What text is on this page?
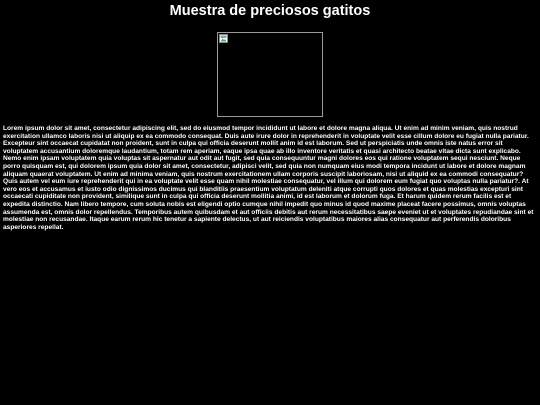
Muestra de preciosos gatitos

Lorem ipsum dolor sit amet, consectetur adipiscing elit, sed do eiusmod tempor incididunt ut labore et dolore magna aliqua. Ut enim ad minim veniam, quis nostrud exercitation ullamco laboris nisi ut aliquip ex ea commodo consequat. Duis aute irure dolor in reprehenderit in voluptate velit esse cillum dolore eu fugiat nulla pariatur. Excepteur sint occaecat cupidatat non proident, sunt in culpa qui officia deserunt mollit anim id est laborum. Sed ut perspiciatis unde omnis iste natus error sit voluptatem accusantium doloremque laudantium, totam rem aperiam, eaque ipsa quae ab illo inventore veritatis et quasi architecto beatae vitae dicta sunt explicabo. Nemo enim ipsam voluptatem quia voluptas sit aspernatur aut odit aut fugit, sed quia consequuntur magni dolores eos qui ratione voluptatem sequi nesciunt. Neque porro quisquam est, qui dolorem ipsum quia dolor sit amet, consectetur, adipisci velit, sed quia non numquam eius modi tempora incidunt ut labore et dolore magnam aliquam quaerat voluptatem. Ut enim ad minima veniam, quis nostrum exercitationem ullam corporis suscipit laboriosam, nisi ut aliquid ex ea commodi consequatur? Quis autem vel eum iure reprehenderit qui in ea voluptate velit esse quam nihil molestiae consequatur, vel illum qui dolorem eum fugiat quo voluptas nulla pariatur?. At vero eos et accusamus et iusto odio dignissimos ducimus qui blanditiis praesentium voluptatum deleniti atque corrupti quos dolores et quas molestias excepturi sint occaecati cupiditate non provident, similique sunt in culpa qui officia deserunt mollitia animi, id est laborum et dolorum fuga. Et harum quidem rerum facilis est et expedita distinctio. Nam libero tempore, cum soluta nobis est eligendi optio cumque nihil impedit quo minus id quod maxime placeat facere possimus, omnis voluptas assumenda est, omnis dolor repellendus. Temporibus autem quibusdam et aut officiis debitis aut rerum necessitatibus saepe eveniet ut et voluptates repudiandae sint et molestiae non recusandae. Itaque earum rerum hic tenetur a sapiente delectus, ut aut reiciendis voluptatibus maiores alias consequatur aut perferendis doloribus asperiores repellat.
